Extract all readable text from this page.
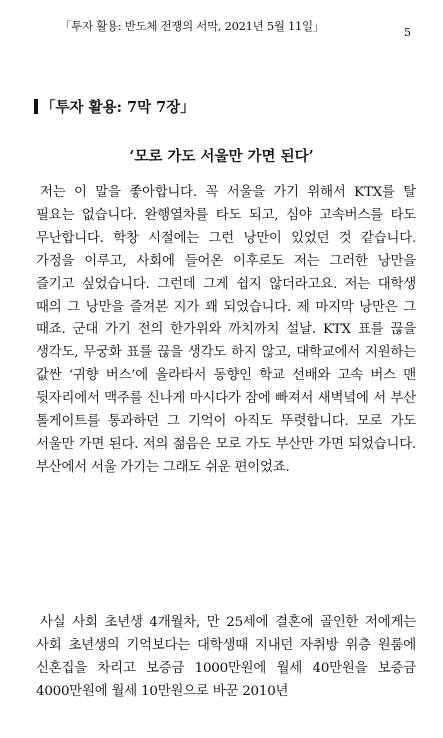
「투자 활용: 반도체 전쟁의 서막, 2021년 5월 11일」	5
「투자 활용: 7막 7장」
‘모로 가도 서울만 가면 된다’

저는 이 말을 좋아합니다. 꼭 서울을 가기 위해서 KTX를 탈 필요는 없습니다. 완행열차를 타도 되고, 심야 고속버스를 타도 무난합니다. 학창 시절에는 그런 낭만이 있었던 것 같습니다. 가정을 이루고, 사회에 들어온 이후로도 저는 그러한 낭만을 즐기고 싶었습니다. 그런데 그게 쉽지 않더라고요. 저는 대학생 때의 그 낭만을 즐겨본 지가 꽤 되었습니다. 제 마지막 낭만은 그 때죠. 군대 가기 전의 한가위와 까치까치 설날. KTX 표를 끊을 생각도, 무궁화 표를 끊을 생각도 하지 않고, 대학교에서 지원하는 값싼 ‘귀향 버스’에 올라타서 동향인 학교 선배와 고속 버스 맨 뒷자리에서 맥주를 신나게 마시다가 잠에 빠져서 새벽녘에 서 부산 톨게이트를 통과하던 그 기억이 아직도 뚜렷합니다. 모로 가도 서울만 가면 된다. 저의 젊음은 모로 가도 부산만 가면 되었습니다. 부산에서 서울 가기는 그래도 쉬운 편이었죠.

사실 사회 초년생 4개월차, 만 25세에 결혼에 골인한 저에게는 사회 초년생의 기억보다는 대학생때 지내던 자취방 위층 원룸에 신혼집을 차리고 보증금 1000만원에 월세 40만원을 보증금 4000만원에 월세 10만원으로 바꾼 2010년
